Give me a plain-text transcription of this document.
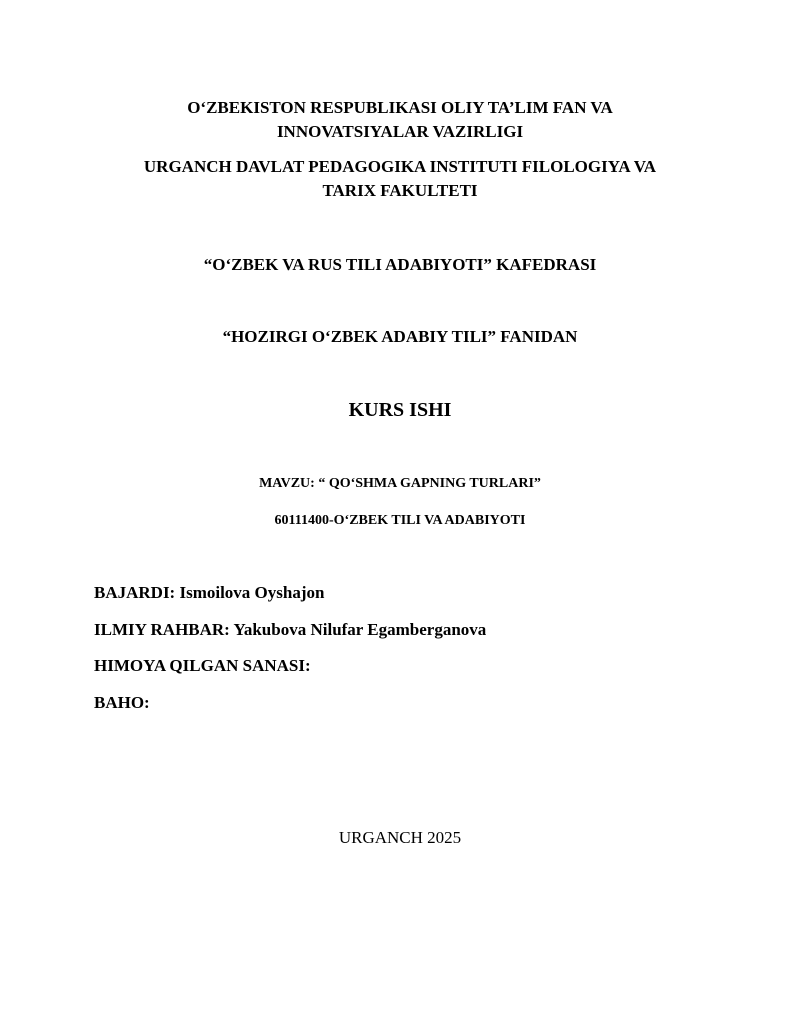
O‘ZBEKISTON RESPUBLIKASI OLIY TA’LIM FAN VA
INNOVATSIYALAR VAZIRLIGI
URGANCH DAVLAT PEDAGOGIKA INSTITUTI FILOLOGIYA VA
TARIX FAKULTETI
“O‘ZBEK VA RUS TILI ADABIYOTI” KAFEDRASI
“HOZIRGI O‘ZBEK ADABIY TILI” FANIDAN
KURS ISHI
MAVZU: “ QO‘SHMA GAPNING TURLARI”
60111400-O‘ZBEK TILI VA ADABIYOTI
BAJARDI: Ismoilova Oyshajon
ILMIY RAHBAR: Yakubova Nilufar Egamberganova
HIMOYA QILGAN SANASI:
BAHO:
URGANCH 2025
